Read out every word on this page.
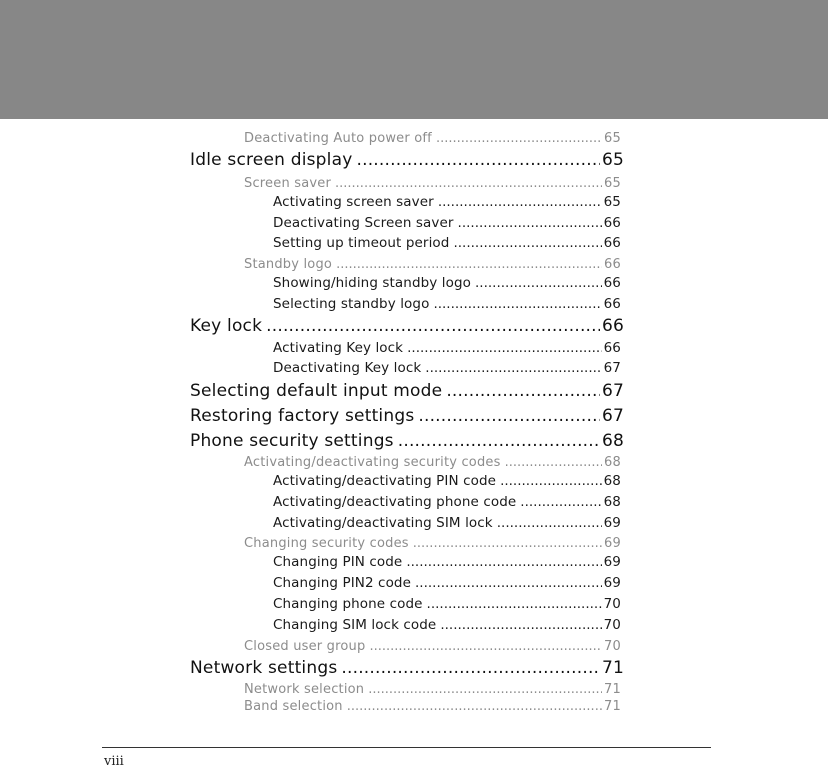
Deactivating Auto power off .....	65
Idle screen display .....	65
Screen saver .....	65
Activating screen saver .....	65
Deactivating Screen saver .....	66
Setting up timeout period .....	66
Standby logo .....	66
Showing/hiding standby logo .....	66
Selecting standby logo .....	66
Key lock .....	66
Activating Key lock .....	66
Deactivating Key lock .....	67
Selecting default input mode .....	67
Restoring factory settings .....	67
Phone security settings .....	68
Activating/deactivating security codes .....	68
Activating/deactivating PIN code .....	68
Activating/deactivating phone code .....	68
Activating/deactivating SIM lock .....	69
Changing security codes .....	69
Changing PIN code .....	69
Changing PIN2 code .....	69
Changing phone code .....	70
Changing SIM lock code .....	70
Closed user group .....	70
Network settings .....	71
Network selection .....	71
Band selection .....	71
viii
